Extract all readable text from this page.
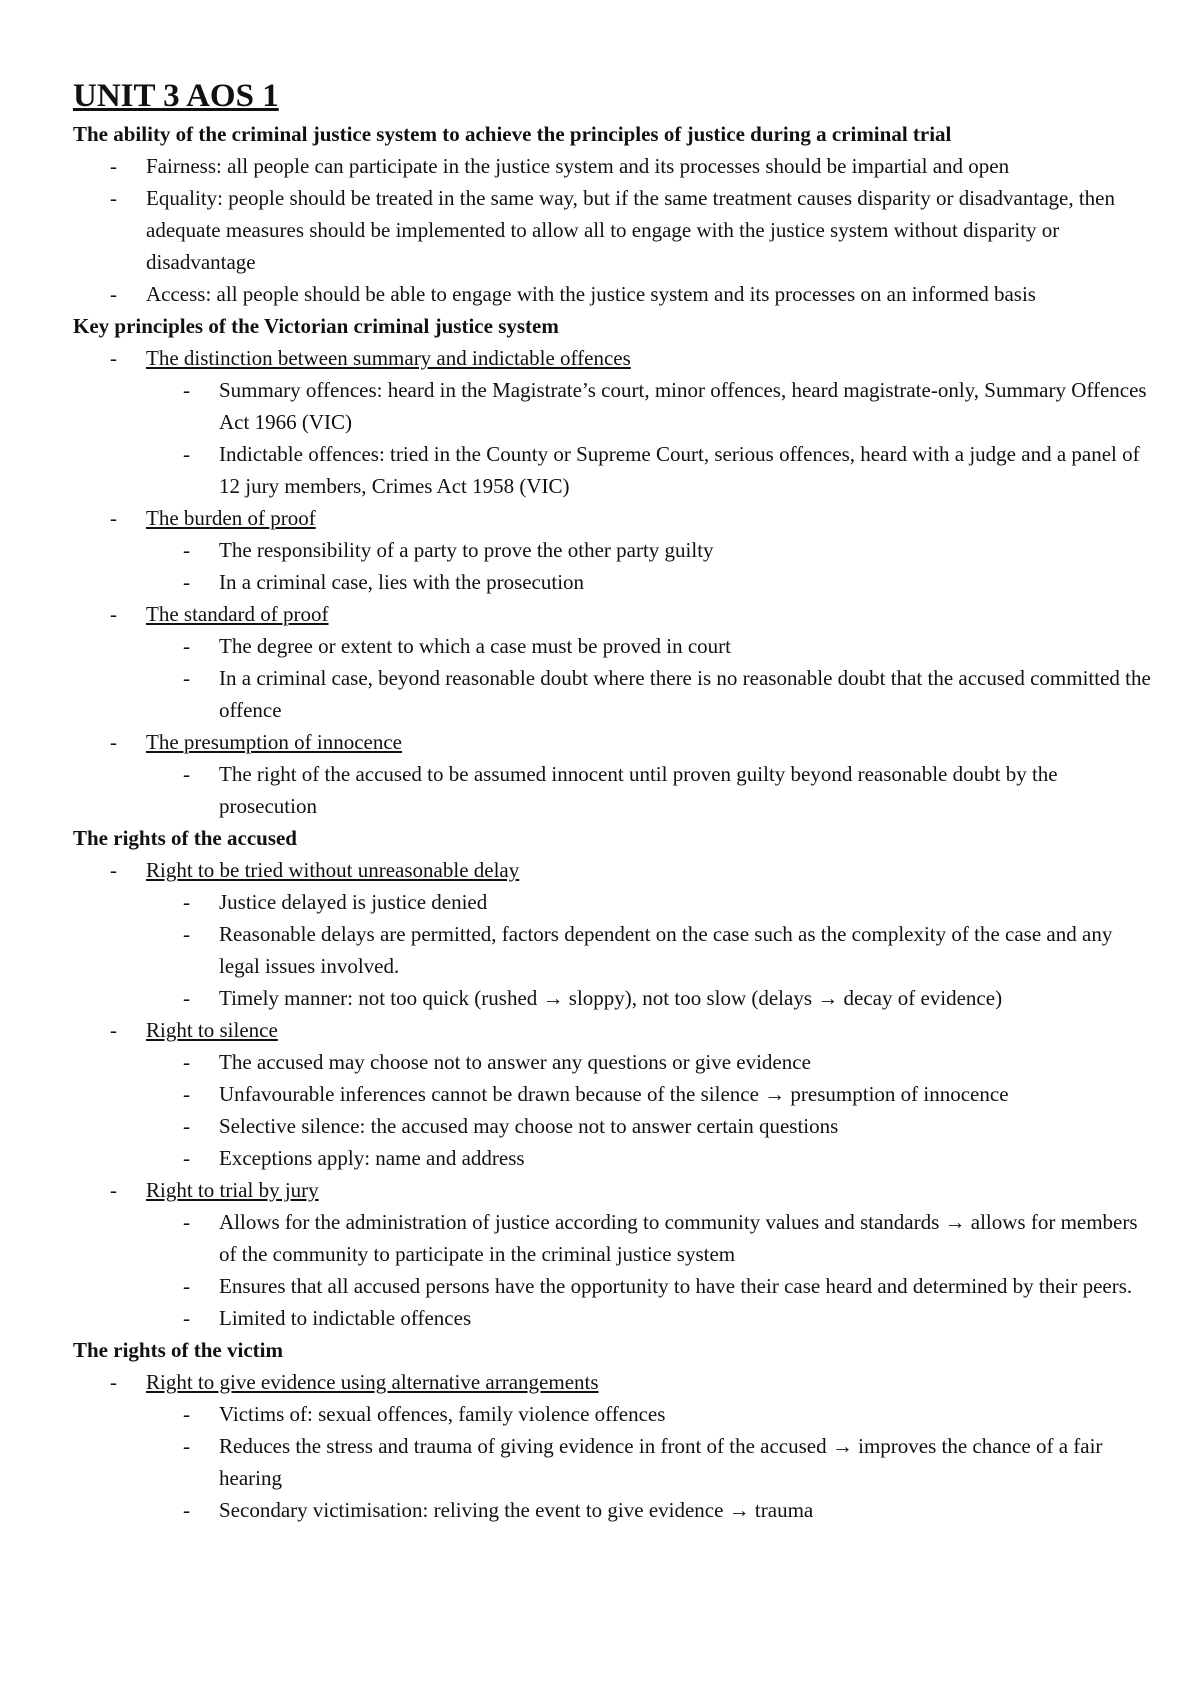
UNIT 3 AOS 1
The ability of the criminal justice system to achieve the principles of justice during a criminal trial
- Fairness: all people can participate in the justice system and its processes should be impartial and open
- Equality: people should be treated in the same way, but if the same treatment causes disparity or disadvantage, then adequate measures should be implemented to allow all to engage with the justice system without disparity or disadvantage
- Access: all people should be able to engage with the justice system and its processes on an informed basis
Key principles of the Victorian criminal justice system
- The distinction between summary and indictable offences
- Summary offences: heard in the Magistrate’s court, minor offences, heard magistrate-only, Summary Offences Act 1966 (VIC)
- Indictable offences: tried in the County or Supreme Court, serious offences, heard with a judge and a panel of 12 jury members, Crimes Act 1958 (VIC)
- The burden of proof
- The responsibility of a party to prove the other party guilty
- In a criminal case, lies with the prosecution
- The standard of proof
- The degree or extent to which a case must be proved in court
- In a criminal case, beyond reasonable doubt where there is no reasonable doubt that the accused committed the offence
- The presumption of innocence
- The right of the accused to be assumed innocent until proven guilty beyond reasonable doubt by the prosecution
The rights of the accused
- Right to be tried without unreasonable delay
- Justice delayed is justice denied
- Reasonable delays are permitted, factors dependent on the case such as the complexity of the case and any legal issues involved.
- Timely manner: not too quick (rushed → sloppy), not too slow (delays → decay of evidence)
- Right to silence
- The accused may choose not to answer any questions or give evidence
- Unfavourable inferences cannot be drawn because of the silence → presumption of innocence
- Selective silence: the accused may choose not to answer certain questions
- Exceptions apply: name and address
- Right to trial by jury
- Allows for the administration of justice according to community values and standards → allows for members of the community to participate in the criminal justice system
- Ensures that all accused persons have the opportunity to have their case heard and determined by their peers.
- Limited to indictable offences
The rights of the victim
- Right to give evidence using alternative arrangements
- Victims of: sexual offences, family violence offences
- Reduces the stress and trauma of giving evidence in front of the accused → improves the chance of a fair hearing
- Secondary victimisation: reliving the event to give evidence → trauma
